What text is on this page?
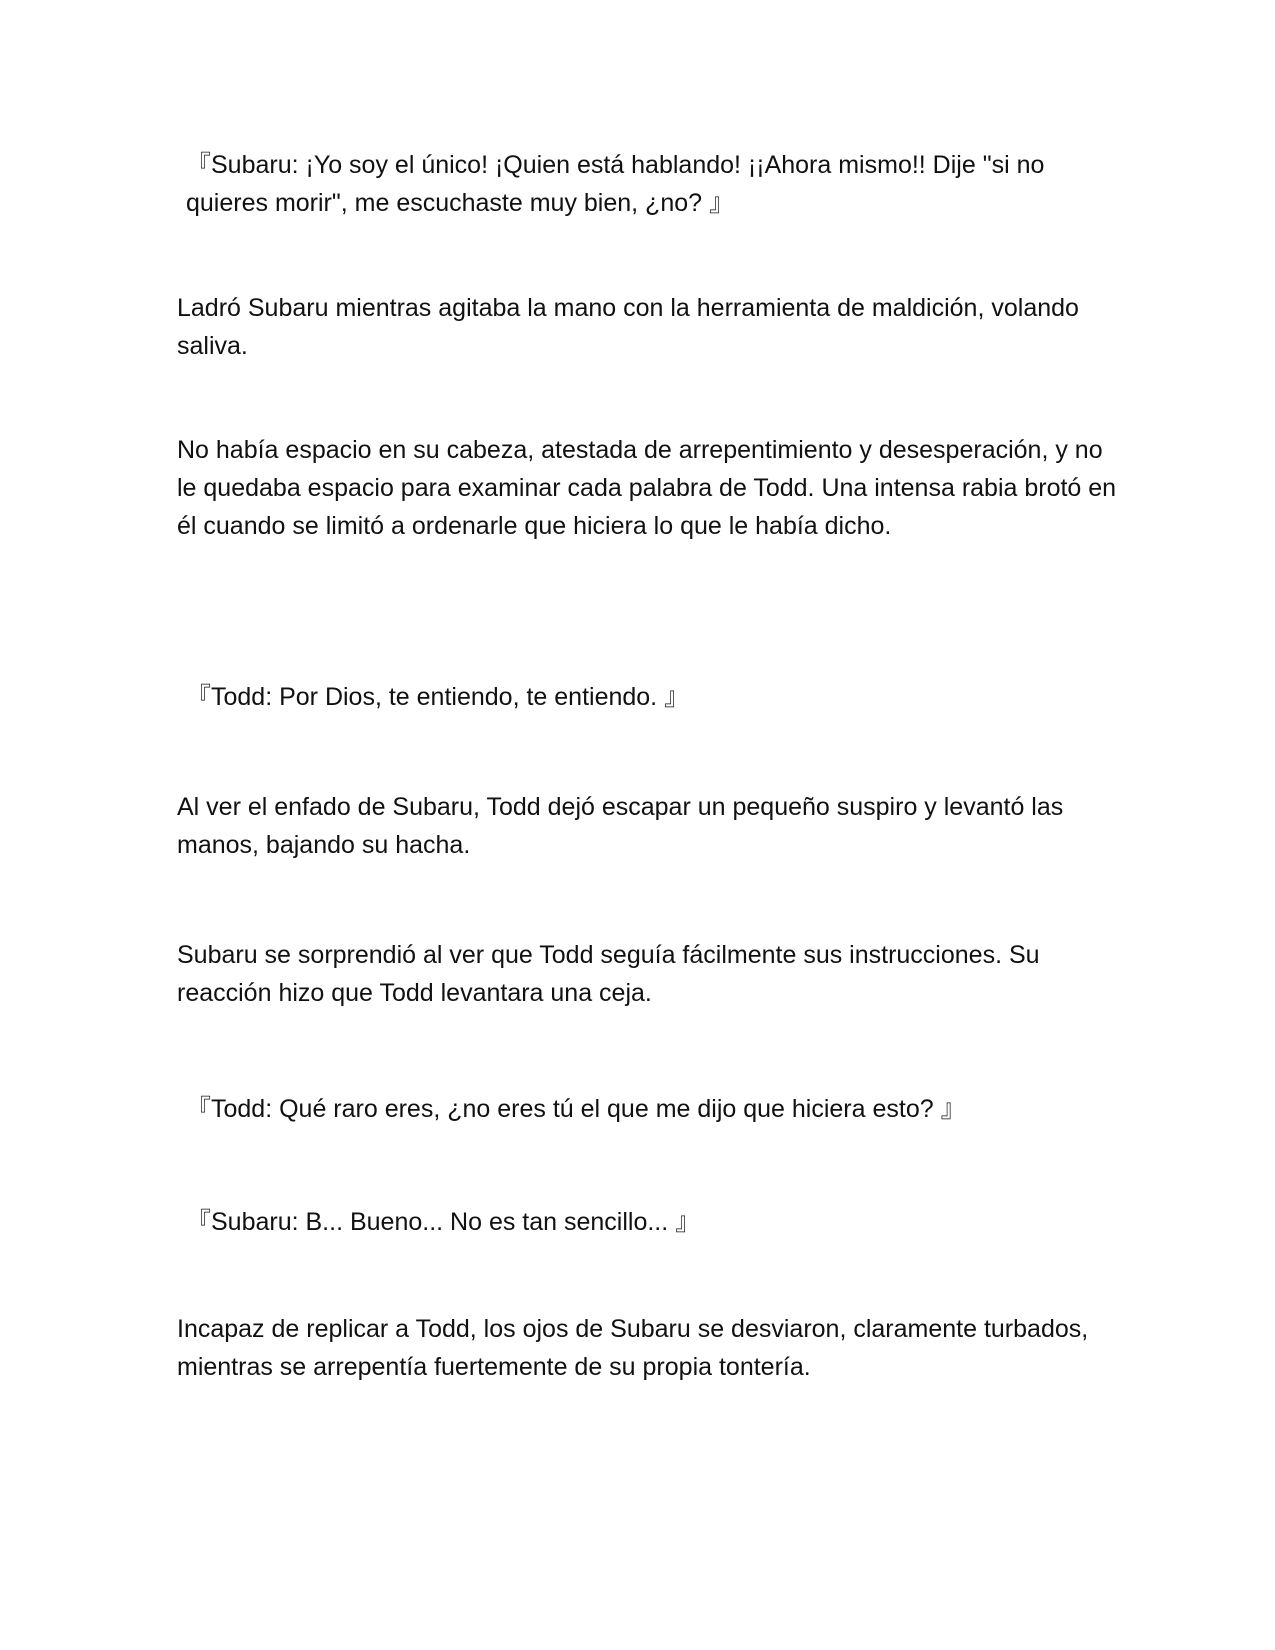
『Subaru: ¡Yo soy el único! ¡Quien está hablando! ¡¡Ahora mismo!! Dije "si no quieres morir", me escuchaste muy bien, ¿no? 』

Ladró Subaru mientras agitaba la mano con la herramienta de maldición, volando saliva.

No había espacio en su cabeza, atestada de arrepentimiento y desesperación, y no le quedaba espacio para examinar cada palabra de Todd. Una intensa rabia brotó en él cuando se limitó a ordenarle que hiciera lo que le había dicho.

『Todd: Por Dios, te entiendo, te entiendo. 』

Al ver el enfado de Subaru, Todd dejó escapar un pequeño suspiro y levantó las manos, bajando su hacha.

Subaru se sorprendió al ver que Todd seguía fácilmente sus instrucciones. Su reacción hizo que Todd levantara una ceja.

『Todd: Qué raro eres, ¿no eres tú el que me dijo que hiciera esto? 』

『Subaru: B... Bueno... No es tan sencillo... 』

Incapaz de replicar a Todd, los ojos de Subaru se desviaron, claramente turbados, mientras se arrepentía fuertemente de su propia tontería.
